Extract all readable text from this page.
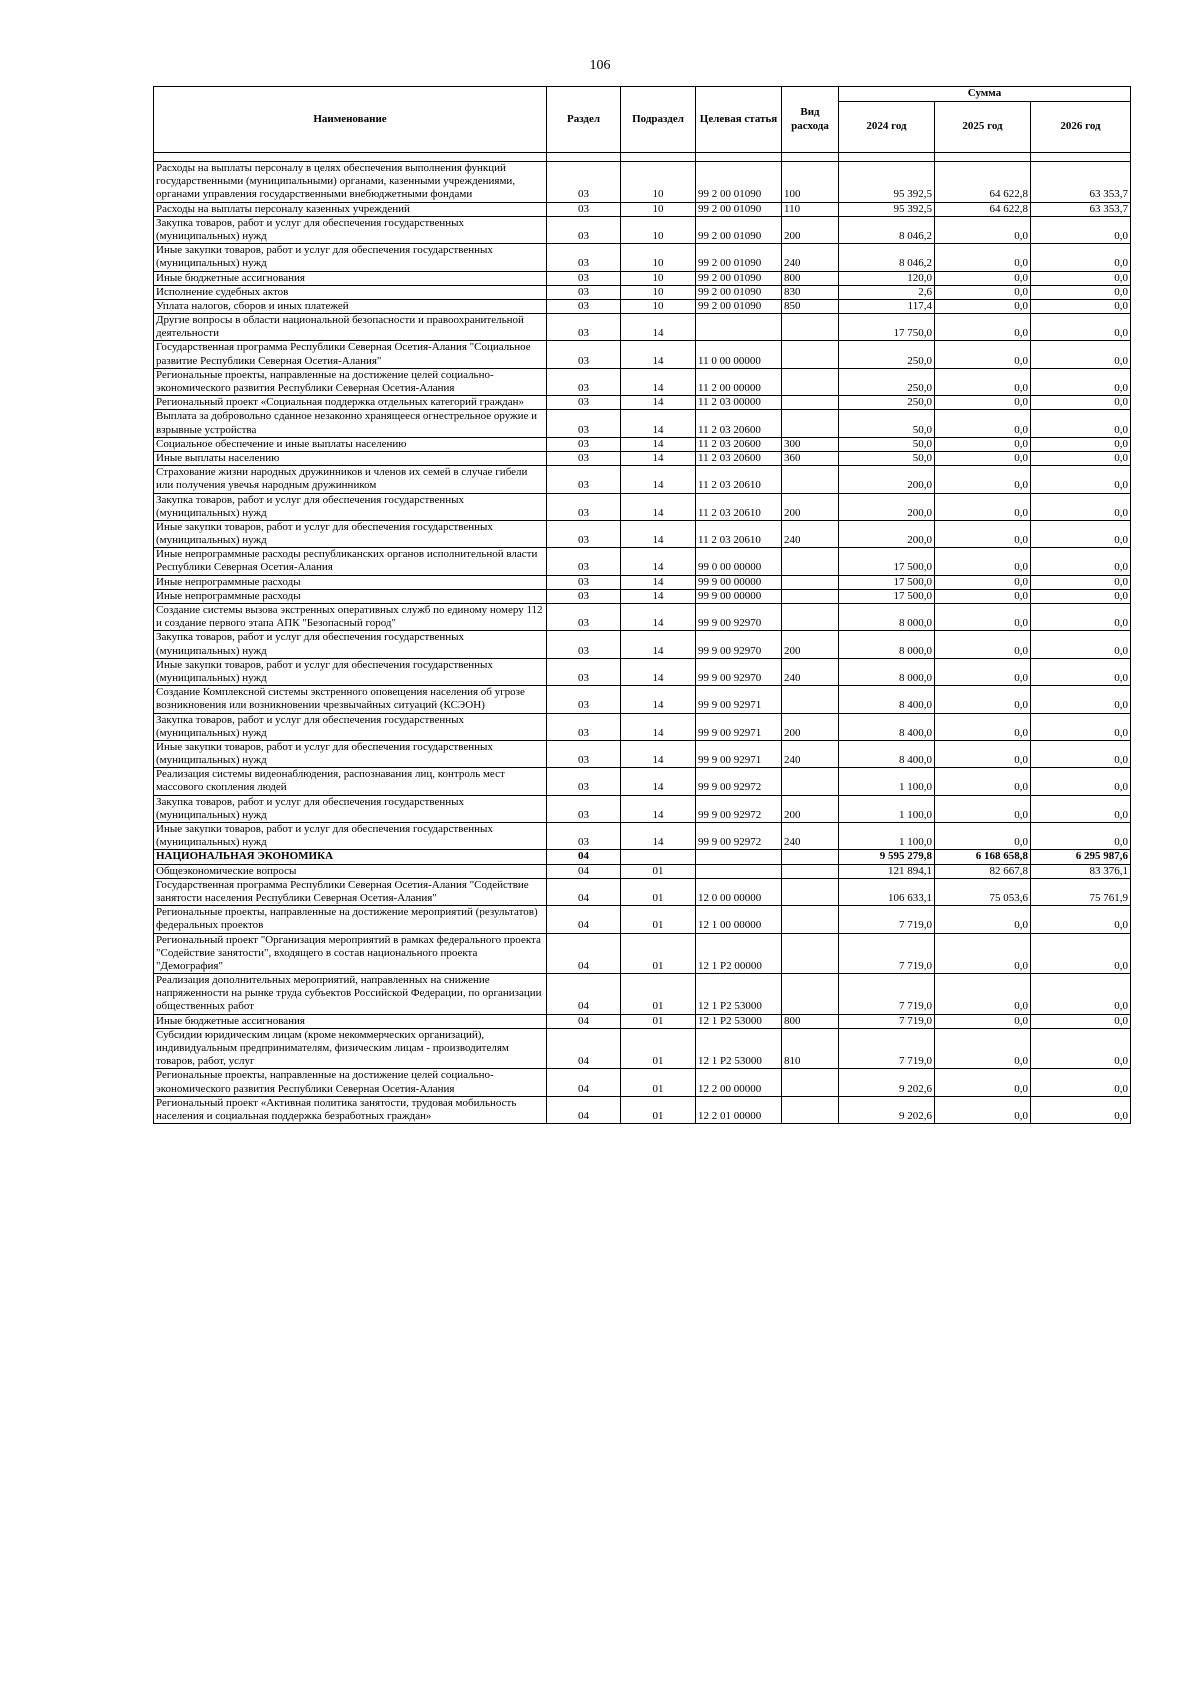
106
Наименование	Раздел	Подраздел	Целевая статья	Вид расхода	Сумма		
					2024 год	2025 год	2026 год

Расходы на выплаты персоналу в целях обеспечения выполнения функций государственными (муниципальными) органами, казенными учреждениями, органами управления государственными внебюджетными фондами	03	10	99 2 00 01090	100	95 392,5	64 622,8	63 353,7
Расходы на выплаты персоналу казенных учреждений	03	10	99 2 00 01090	110	95 392,5	64 622,8	63 353,7
Закупка товаров, работ и услуг для обеспечения государственных (муниципальных) нужд	03	10	99 2 00 01090	200	8 046,2	0,0	0,0
Иные закупки товаров, работ и услуг для обеспечения государственных (муниципальных) нужд	03	10	99 2 00 01090	240	8 046,2	0,0	0,0
Иные бюджетные ассигнования	03	10	99 2 00 01090	800	120,0	0,0	0,0
Исполнение судебных актов	03	10	99 2 00 01090	830	2,6	0,0	0,0
Уплата налогов, сборов и иных платежей	03	10	99 2 00 01090	850	117,4	0,0	0,0
Другие вопросы в области национальной безопасности и правоохранительной деятельности	03	14			17 750,0	0,0	0,0
Государственная программа Республики Северная Осетия-Алания "Социальное развитие Республики Северная Осетия-Алания"	03	14	11 0 00 00000		250,0	0,0	0,0
Региональные проекты, направленные на достижение целей социально-экономического развития Республики Северная Осетия-Алания	03	14	11 2 00 00000		250,0	0,0	0,0
Региональный проект «Социальная поддержка отдельных категорий граждан»	03	14	11 2 03 00000		250,0	0,0	0,0
Выплата за добровольно сданное незаконно хранящееся огнестрельное оружие и взрывные устройства	03	14	11 2 03 20600		50,0	0,0	0,0
Социальное обеспечение и иные выплаты населению	03	14	11 2 03 20600	300	50,0	0,0	0,0
Иные выплаты населению	03	14	11 2 03 20600	360	50,0	0,0	0,0
Страхование жизни народных дружинников и членов их семей в случае гибели или получения увечья народным дружинником	03	14	11 2 03 20610		200,0	0,0	0,0
Закупка товаров, работ и услуг для обеспечения государственных (муниципальных) нужд	03	14	11 2 03 20610	200	200,0	0,0	0,0
Иные закупки товаров, работ и услуг для обеспечения государственных (муниципальных) нужд	03	14	11 2 03 20610	240	200,0	0,0	0,0
Иные непрограммные расходы республиканских органов исполнительной власти Республики Северная Осетия-Алания	03	14	99 0 00 00000		17 500,0	0,0	0,0
Иные непрограммные расходы	03	14	99 9 00 00000		17 500,0	0,0	0,0
Иные непрограммные расходы	03	14	99 9 00 00000		17 500,0	0,0	0,0
Создание системы вызова экстренных оперативных служб по единому номеру 112 и создание первого этапа АПК "Безопасный город"	03	14	99 9 00 92970		8 000,0	0,0	0,0
Закупка товаров, работ и услуг для обеспечения государственных (муниципальных) нужд	03	14	99 9 00 92970	200	8 000,0	0,0	0,0
Иные закупки товаров, работ и услуг для обеспечения государственных (муниципальных) нужд	03	14	99 9 00 92970	240	8 000,0	0,0	0,0
Создание Комплексной системы экстренного оповещения населения об угрозе возникновения или возникновении чрезвычайных ситуаций (КСЭОН)	03	14	99 9 00 92971		8 400,0	0,0	0,0
Закупка товаров, работ и услуг для обеспечения государственных (муниципальных) нужд	03	14	99 9 00 92971	200	8 400,0	0,0	0,0
Иные закупки товаров, работ и услуг для обеспечения государственных (муниципальных) нужд	03	14	99 9 00 92971	240	8 400,0	0,0	0,0
Реализация системы видеонаблюдения, распознавания лиц, контроль мест массового скопления людей	03	14	99 9 00 92972		1 100,0	0,0	0,0
Закупка товаров, работ и услуг для обеспечения государственных (муниципальных) нужд	03	14	99 9 00 92972	200	1 100,0	0,0	0,0
Иные закупки товаров, работ и услуг для обеспечения государственных (муниципальных) нужд	03	14	99 9 00 92972	240	1 100,0	0,0	0,0
НАЦИОНАЛЬНАЯ ЭКОНОМИКА	04				9 595 279,8	6 168 658,8	6 295 987,6
Общеэкономические вопросы	04	01			121 894,1	82 667,8	83 376,1
Государственная программа Республики Северная Осетия-Алания "Содействие занятости населения Республики Северная Осетия-Алания"	04	01	12 0 00 00000		106 633,1	75 053,6	75 761,9
Региональные проекты, направленные на достижение мероприятий (результатов) федеральных проектов	04	01	12 1 00 00000		7 719,0	0,0	0,0
Региональный проект "Организация мероприятий в рамках федерального проекта "Содействие занятости", входящего в состав национального проекта "Демография"	04	01	12 1 P2 00000		7 719,0	0,0	0,0
Реализация дополнительных мероприятий, направленных на снижение напряженности на рынке труда субъектов Российской Федерации, по организации общественных работ	04	01	12 1 P2 53000		7 719,0	0,0	0,0
Иные бюджетные ассигнования	04	01	12 1 P2 53000	800	7 719,0	0,0	0,0
Субсидии юридическим лицам (кроме некоммерческих организаций), индивидуальным предпринимателям, физическим лицам - производителям товаров, работ, услуг	04	01	12 1 P2 53000	810	7 719,0	0,0	0,0
Региональные проекты, направленные на достижение целей социально-экономического развития Республики Северная Осетия-Алания	04	01	12 2 00 00000		9 202,6	0,0	0,0
Региональный проект «Активная политика занятости, трудовая мобильность населения и социальная поддержка безработных граждан»	04	01	12 2 01 00000		9 202,6	0,0	0,0
